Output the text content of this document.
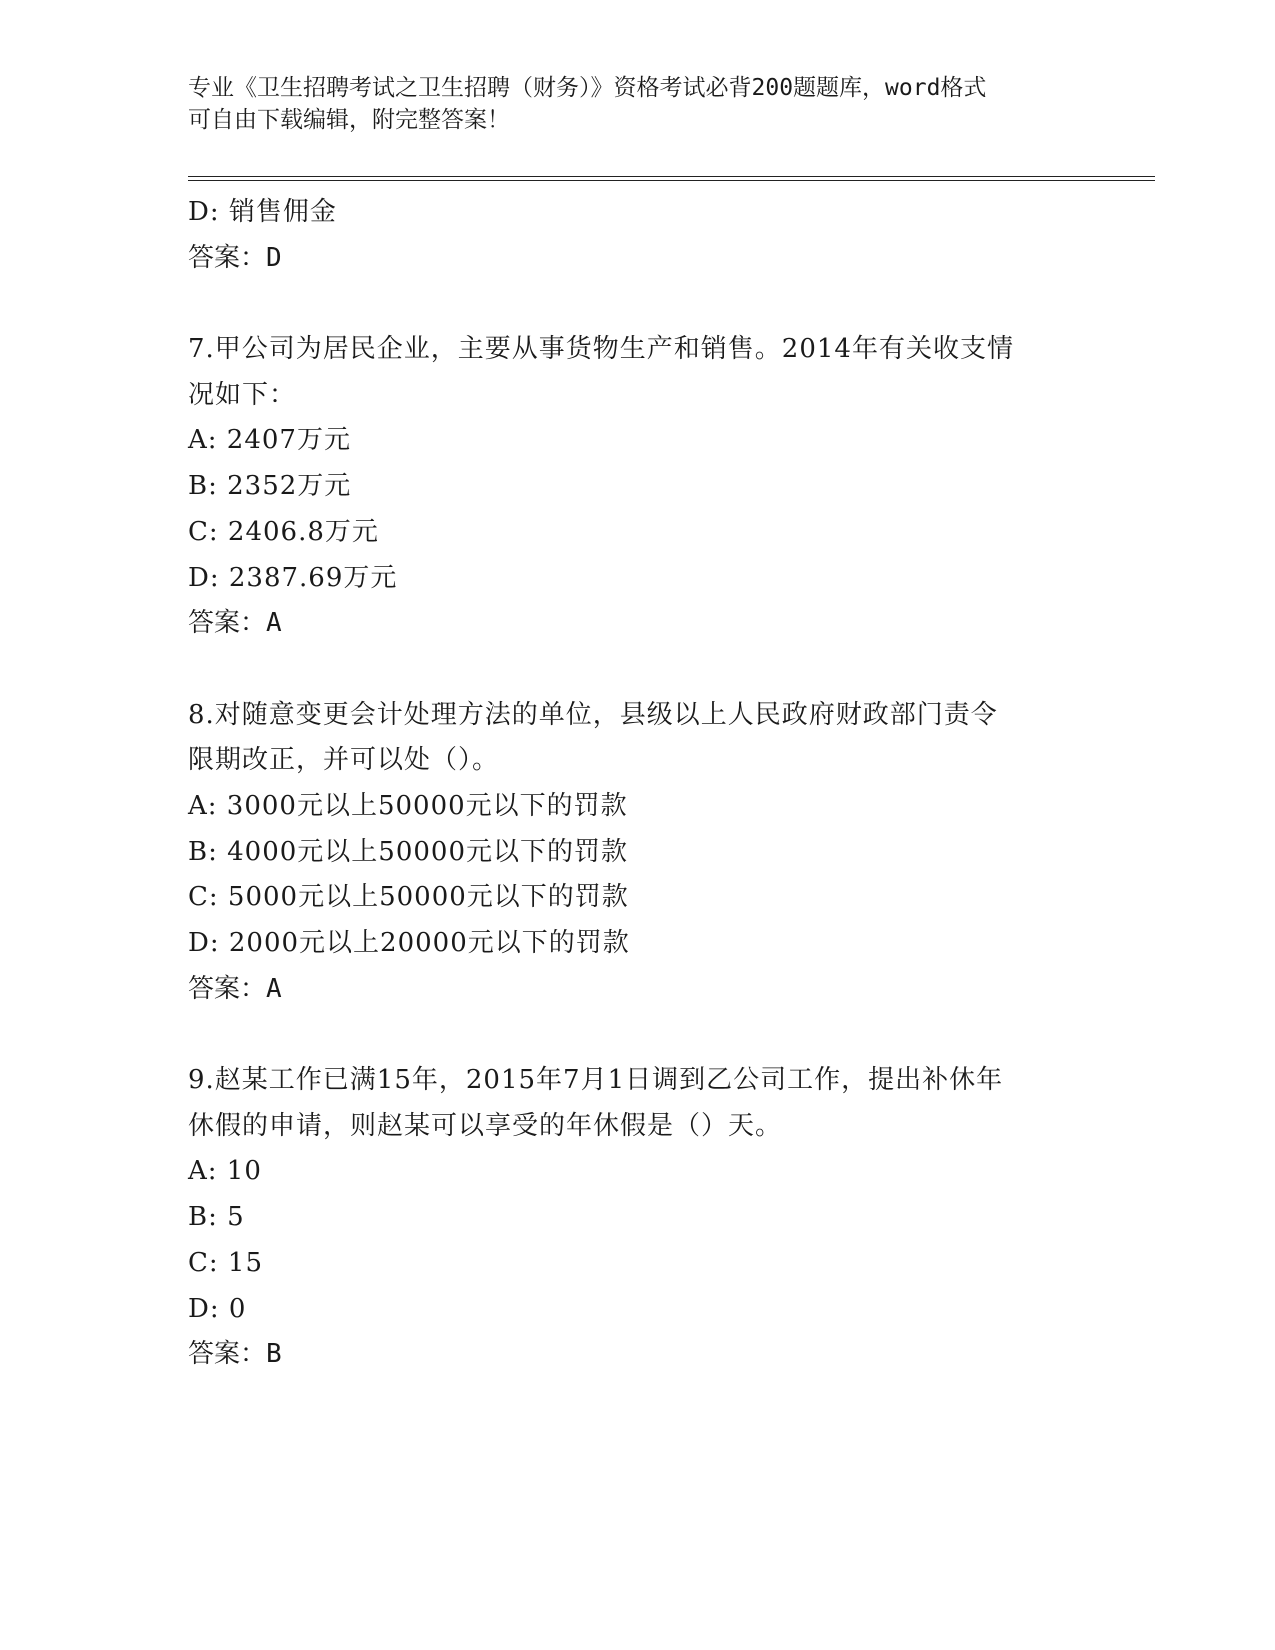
专业《卫生招聘考试之卫生招聘（财务）》资格考试必背200题题库，word格式
可自由下载编辑，附完整答案！
D: 销售佣金
答案：D
7.甲公司为居民企业，主要从事货物生产和销售。2014年有关收支情
况如下：
A: 2407万元
B: 2352万元
C: 2406.8万元
D: 2387.69万元
答案：A
8.对随意变更会计处理方法的单位，县级以上人民政府财政部门责令
限期改正，并可以处（）。
A: 3000元以上50000元以下的罚款
B: 4000元以上50000元以下的罚款
C: 5000元以上50000元以下的罚款
D: 2000元以上20000元以下的罚款
答案：A
9.赵某工作已满15年，2015年7月1日调到乙公司工作，提出补休年
休假的申请，则赵某可以享受的年休假是（）天。
A: 10
B: 5
C: 15
D: 0
答案：B
